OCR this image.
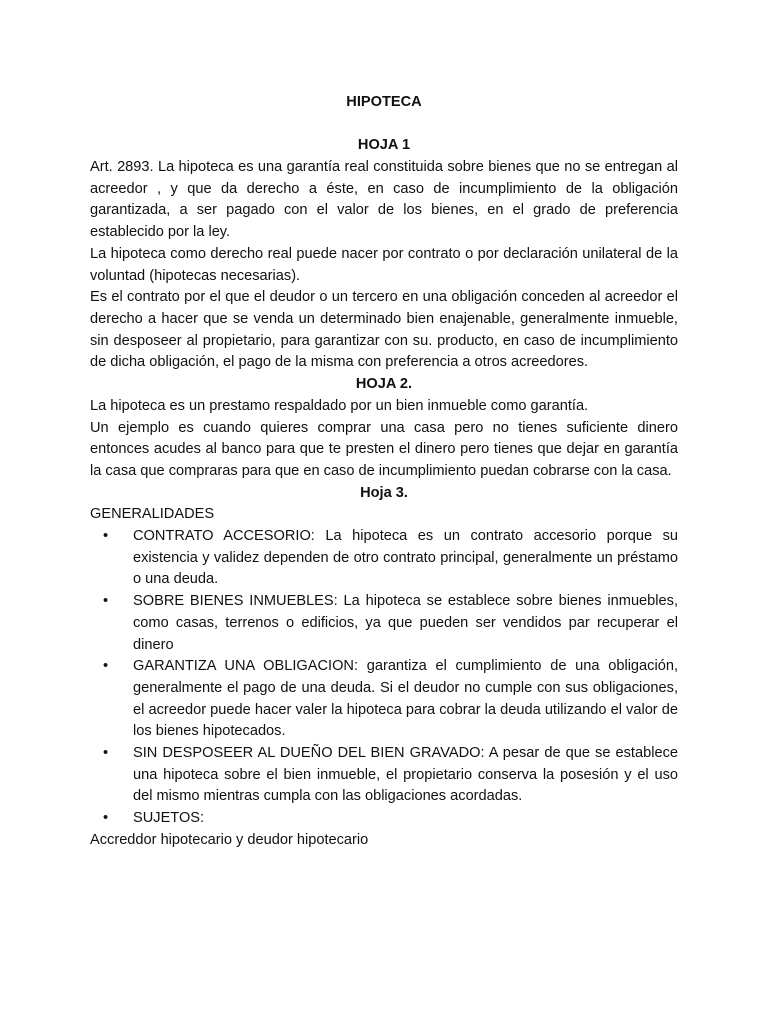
HIPOTECA
HOJA 1

Art. 2893. La hipoteca es una garantía real constituida sobre bienes que no se entregan al acreedor , y que da derecho a éste, en caso de incumplimiento de la obligación garantizada, a ser pagado con el valor de los bienes, en el grado de preferencia establecido por la ley.

La hipoteca como derecho real puede nacer por contrato o por declaración unilateral de la voluntad (hipotecas necesarias).

Es el contrato por el que el deudor o un tercero en una obligación conceden al acreedor el derecho a hacer que se venda un determinado bien enajenable, generalmente inmueble, sin desposeer al propietario, para garantizar con su. producto, en caso de incumplimiento de dicha obligación, el pago de la misma con preferencia a otros acreedores.

HOJA 2.

La hipoteca es un prestamo respaldado por un bien inmueble como garantía.

Un ejemplo es cuando quieres comprar una casa pero no tienes suficiente dinero entonces acudes al banco para que te presten el dinero pero tienes que dejar en garantía la casa que compraras para que en caso de incumplimiento puedan cobrarse con la casa.

Hoja 3.

GENERALIDADES

• CONTRATO ACCESORIO: La hipoteca es un contrato accesorio porque su existencia y validez dependen de otro contrato principal, generalmente un préstamo o una deuda.
• SOBRE BIENES INMUEBLES: La hipoteca se establece sobre bienes inmuebles, como casas, terrenos o edificios, ya que pueden ser vendidos par recuperar el dinero
• GARANTIZA UNA OBLIGACION: garantiza el cumplimiento de una obligación, generalmente el pago de una deuda. Si el deudor no cumple con sus obligaciones, el acreedor puede hacer valer la hipoteca para cobrar la deuda utilizando el valor de los bienes hipotecados.
• SIN DESPOSEER AL DUEÑO DEL BIEN GRAVADO: A pesar de que se establece una hipoteca sobre el bien inmueble, el propietario conserva la posesión y el uso del mismo mientras cumpla con las obligaciones acordadas.
• SUJETOS:

Accreddor hipotecario y deudor hipotecario
